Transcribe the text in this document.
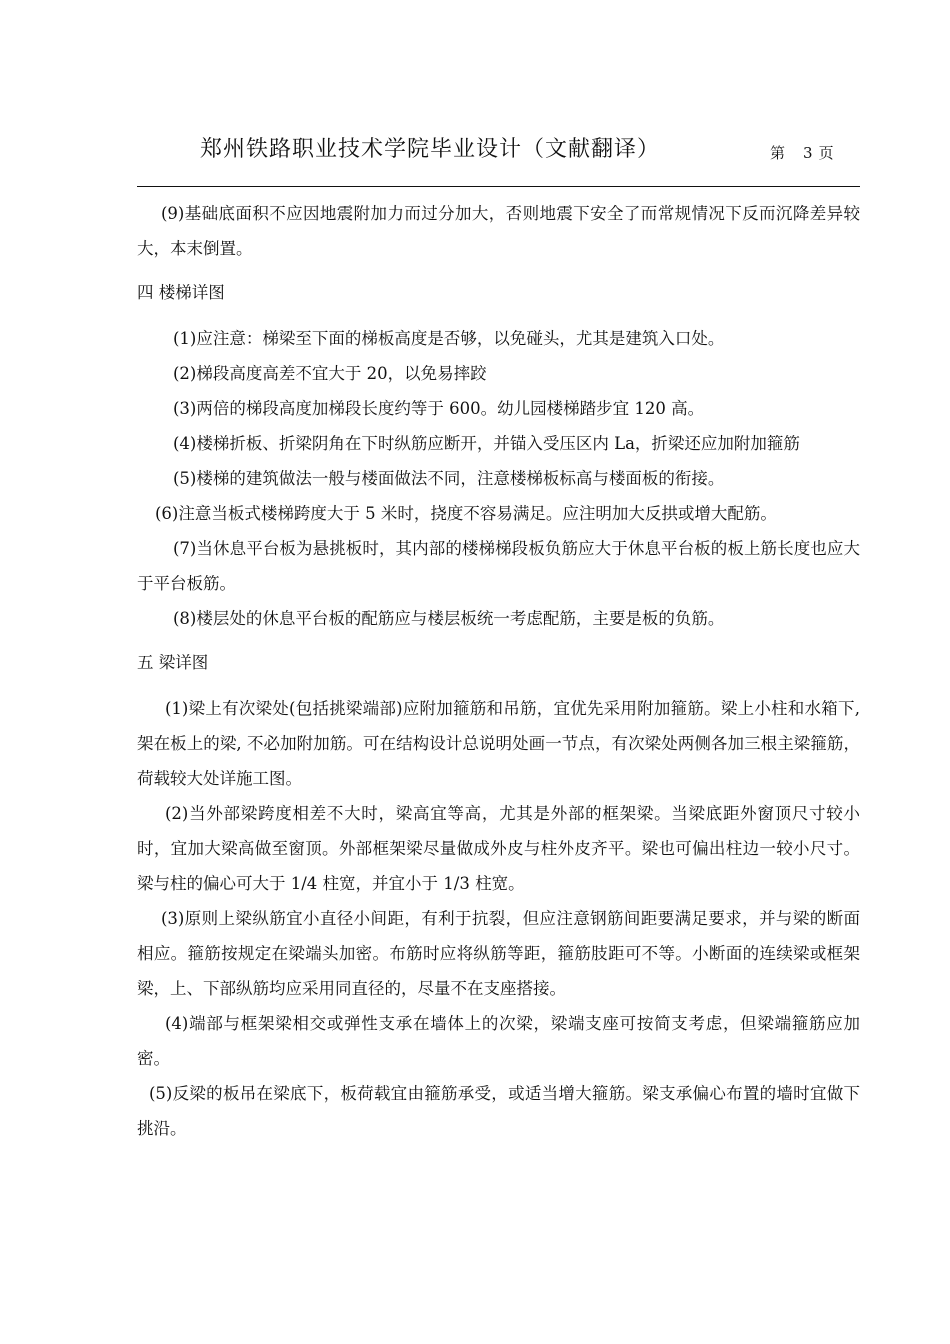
郑州铁路职业技术学院毕业设计（文献翻译）	第 3 页

(9)基础底面积不应因地震附加力而过分加大，否则地震下安全了而常规情况下反而沉降差异较大，本末倒置。

四 楼梯详图

(1)应注意：梯梁至下面的梯板高度是否够，以免碰头，尤其是建筑入口处。

(2)梯段高度高差不宜大于 20，以免易摔跤

(3)两倍的梯段高度加梯段长度约等于 600。幼儿园楼梯踏步宜 120 高。

(4)楼梯折板、折梁阴角在下时纵筋应断开，并锚入受压区内 La，折梁还应加附加箍筋

(5)楼梯的建筑做法一般与楼面做法不同，注意楼梯板标高与楼面板的衔接。

(6)注意当板式楼梯跨度大于 5 米时，挠度不容易满足。应注明加大反拱或增大配筋。

(7)当休息平台板为悬挑板时，其内部的楼梯梯段板负筋应大于休息平台板的板上筋长度也应大于平台板筋。

(8)楼层处的休息平台板的配筋应与楼层板统一考虑配筋，主要是板的负筋。

五 梁详图

(1)梁上有次梁处(包括挑梁端部)应附加箍筋和吊筋，宜优先采用附加箍筋。梁上小柱和水箱下, 架在板上的梁, 不必加附加筋。可在结构设计总说明处画一节点，有次梁处两侧各加三根主梁箍筋，荷载较大处详施工图。

(2)当外部梁跨度相差不大时，梁高宜等高，尤其是外部的框架梁。当梁底距外窗顶尺寸较小时，宜加大梁高做至窗顶。外部框架梁尽量做成外皮与柱外皮齐平。梁也可偏出柱边一较小尺寸。梁与柱的偏心可大于 1/4 柱宽，并宜小于 1/3 柱宽。

(3)原则上梁纵筋宜小直径小间距，有利于抗裂，但应注意钢筋间距要满足要求，并与梁的断面相应。箍筋按规定在梁端头加密。布筋时应将纵筋等距，箍筋肢距可不等。小断面的连续梁或框架梁，上、下部纵筋均应采用同直径的，尽量不在支座搭接。

(4)端部与框架梁相交或弹性支承在墙体上的次梁，梁端支座可按简支考虑，但梁端箍筋应加密。

(5)反梁的板吊在梁底下，板荷载宜由箍筋承受，或适当增大箍筋。梁支承偏心布置的墙时宜做下挑沿。
